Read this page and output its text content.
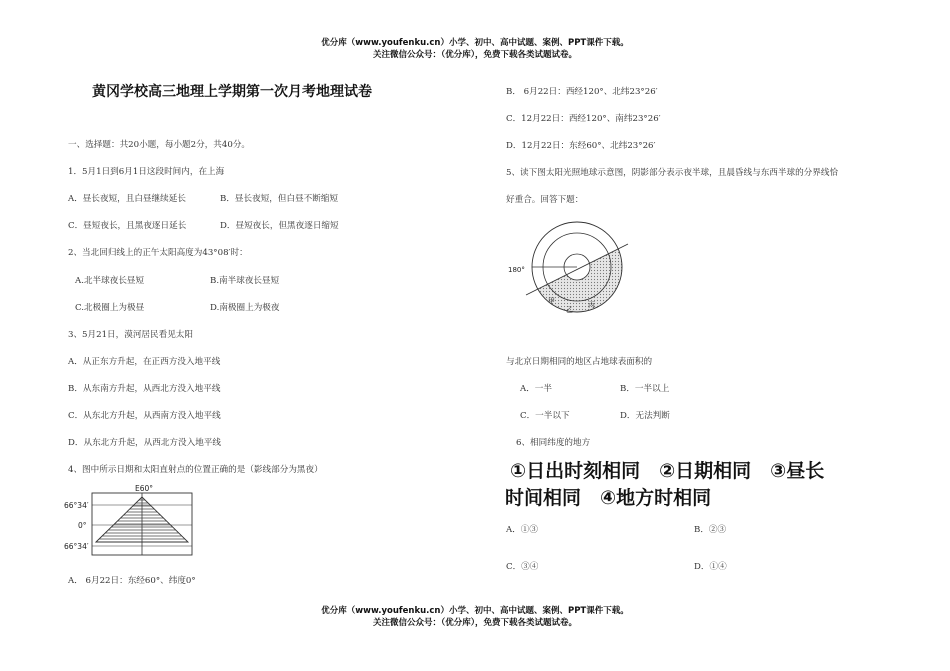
优分库（www.youfenku.cn）小学、初中、高中试题、案例、PPT课件下载。
关注微信公众号：（优分库），免费下载各类试题试卷。
黄冈学校高三地理上学期第一次月考地理试卷
一、选择题：共20小题，每小题2分，共40分。
1．5月1日到6月1日这段时间内，在上海
A．昼长夜短，且白昼继续延长	B．昼长夜短，但白昼不断缩短
C．昼短夜长，且黑夜逐日延长	D．昼短夜长，但黑夜逐日缩短
2、当北回归线上的正午太阳高度为43°08′时：
A.北半球夜长昼短	B.南半球夜长昼短
C.北极圈上为极昼	D.南极圈上为极夜
3、5月21日，漠河居民看见太阳
A．从正东方升起，在正西方没入地平线
B．从东南方升起，从西北方没入地平线
C．从东北方升起，从西南方没入地平线
D．从东北方升起，从西北方没入地平线
4、图中所示日期和太阳直射点的位置正确的是（影线部分为黑夜）
E60°
66°34′
0°
66°34′
A． 6月22日：东经60°、纬度0°
B． 6月22日：西经120°、北纬23°26′
C．12月22日：西经120°、南纬23°26′
D．12月22日：东经60°、北纬23°26′
5、读下图太阳光照地球示意图，阴影部分表示夜半球，且晨昏线与东西半球的分界线恰
好重合。回答下题：
180°
甲
乙
丙
与北京日期相同的地区占地球表面积的
A．一半	B．一半以上
C．一半以下	D．无法判断
6、相同纬度的地方
①日出时刻相同　②日期相同　③昼长
时间相同　④地方时相同
A．①③	B．②③
C．③④	D．①④
优分库（www.youfenku.cn）小学、初中、高中试题、案例、PPT课件下载。
关注微信公众号：（优分库），免费下载各类试题试卷。
